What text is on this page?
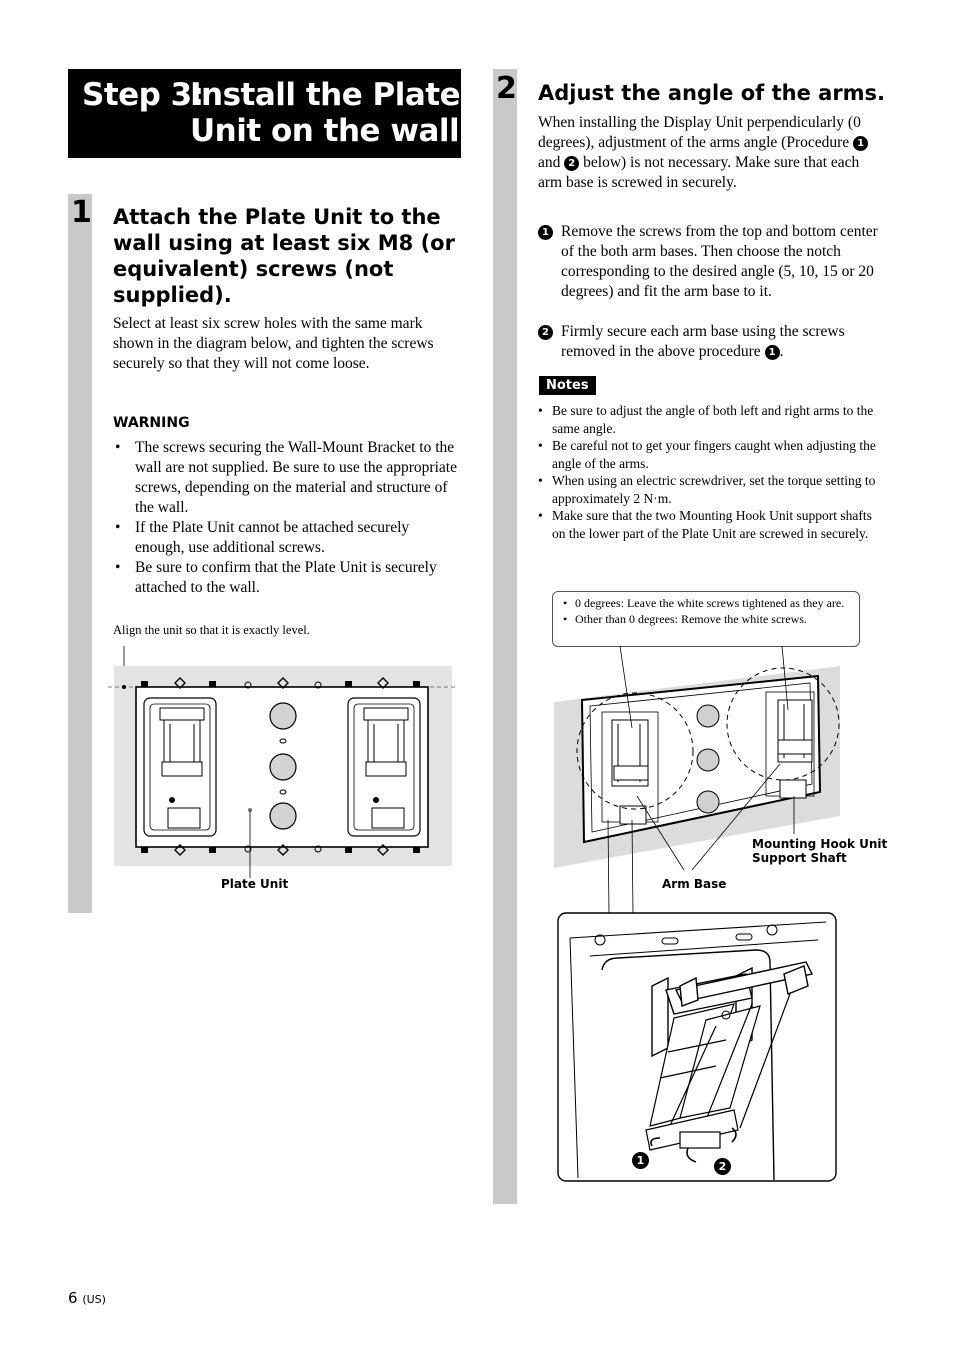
Step 3:
Install the Plate
Unit on the wall
1 Attach the Plate Unit to the wall using at least six M8 (or equivalent) screws (not supplied).
Select at least six screw holes with the same mark shown in the diagram below, and tighten the screws securely so that they will not come loose.
WARNING
• The screws securing the Wall-Mount Bracket to the wall are not supplied. Be sure to use the appropriate screws, depending on the material and structure of the wall.
• If the Plate Unit cannot be attached securely enough, use additional screws.
• Be sure to confirm that the Plate Unit is securely attached to the wall.
Align the unit so that it is exactly level.
Plate Unit
2 Adjust the angle of the arms.
When installing the Display Unit perpendicularly (0 degrees), adjustment of the arms angle (Procedure 1 and 2 below) is not necessary. Make sure that each arm base is screwed in securely.
1 Remove the screws from the top and bottom center of the both arm bases. Then choose the notch corresponding to the desired angle (5, 10, 15 or 20 degrees) and fit the arm base to it.
2 Firmly secure each arm base using the screws removed in the above procedure 1 .
Notes
• Be sure to adjust the angle of both left and right arms to the same angle.
• Be careful not to get your fingers caught when adjusting the angle of the arms.
• When using an electric screwdriver, set the torque setting to approximately 2 N·m.
• Make sure that the two Mounting Hook Unit support shafts on the lower part of the Plate Unit are screwed in securely.
• 0 degrees: Leave the white screws tightened as they are.
• Other than 0 degrees: Remove the white screws.
Mounting Hook Unit
Support Shaft
Arm Base
1	2
6 (US)
